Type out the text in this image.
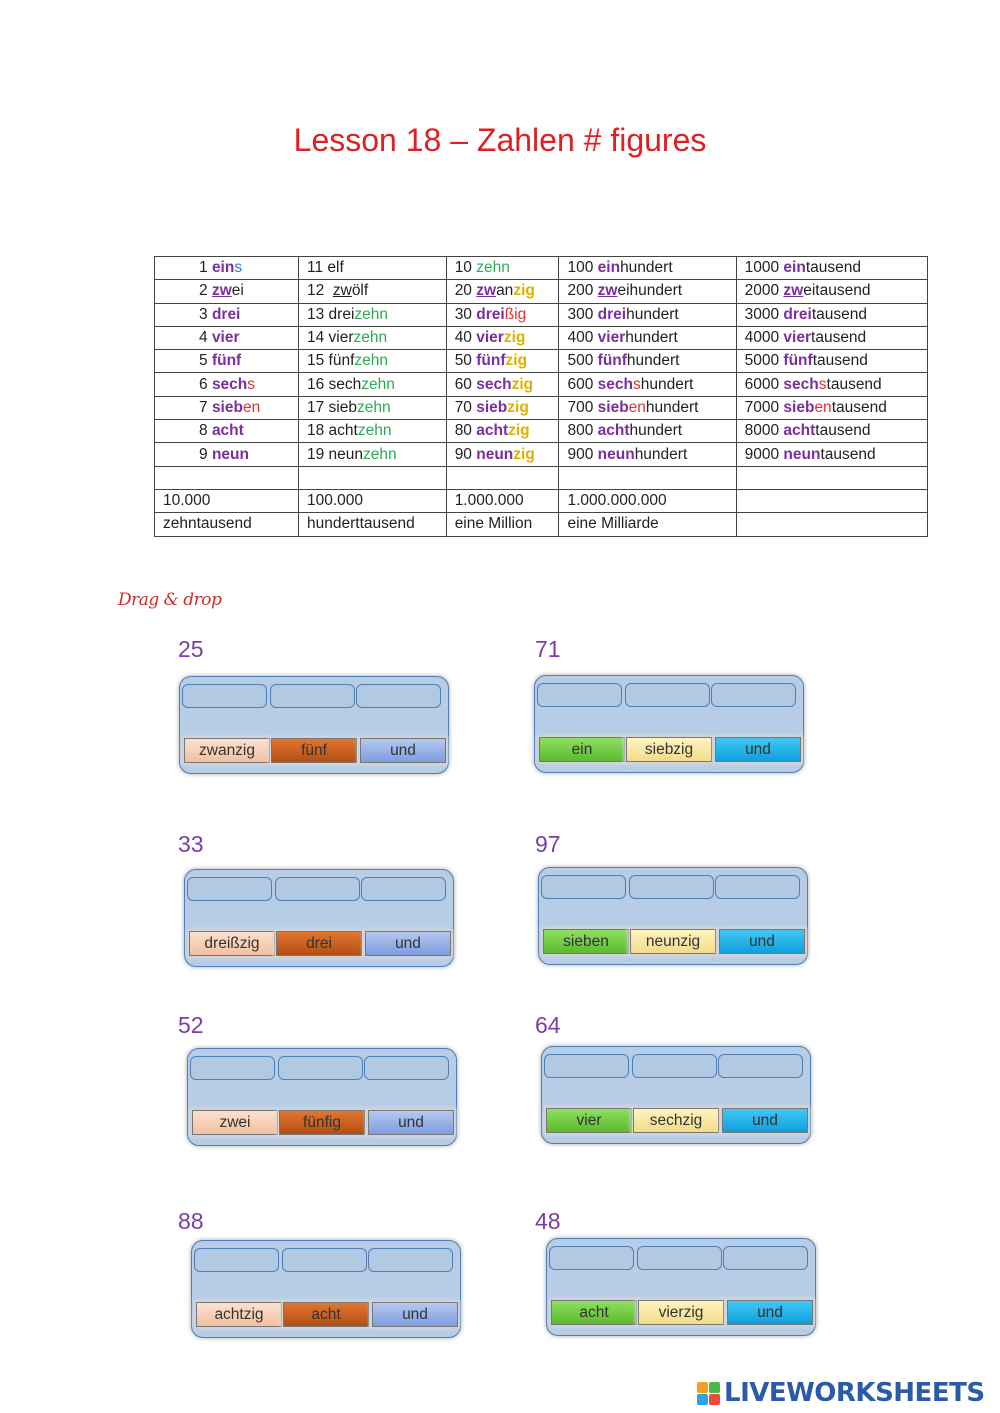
Lesson 18 – Zahlen # figures
1 eins	11 elf	10 zehn	100 einhundert	1000 eintausend
2 zwei	12  zwölf	20 zwanzig	200 zweihundert	2000 zweitausend
3 drei	13 dreizehn	30 dreißig	300 dreihundert	3000 dreitausend
4 vier	14 vierzehn	40 vierzig	400 vierhundert	4000 viertausend
5 fünf	15 fünfzehn	50 fünfzig	500 fünfhundert	5000 fünftausend
6 sechs	16 sechzehn	60 sechzig	600 sechshundert	6000 sechstausend
7 sieben	17 siebzehn	70 siebzig	700 siebenhundert	7000 siebentausend
8 acht	18 achtzehn	80 achtzig	800 achthundert	8000 achttausend
9 neun	19 neunzehn	90 neunzig	900 neunhundert	9000 neuntausend

10.000	100.000	1.000.000	1.000.000.000	
zehntausend	hunderttausend	eine Million	eine Milliarde	
Drag & drop
25
zwanzig	fünf	und
71
ein	siebzig	und
33
dreißzig	drei	und
97
sieben	neunzig	und
52
zwei	fünfig	und
64
vier	sechzig	und
88
achtzig	acht	und
48
acht	vierzig	und
LIVEWORKSHEETS
